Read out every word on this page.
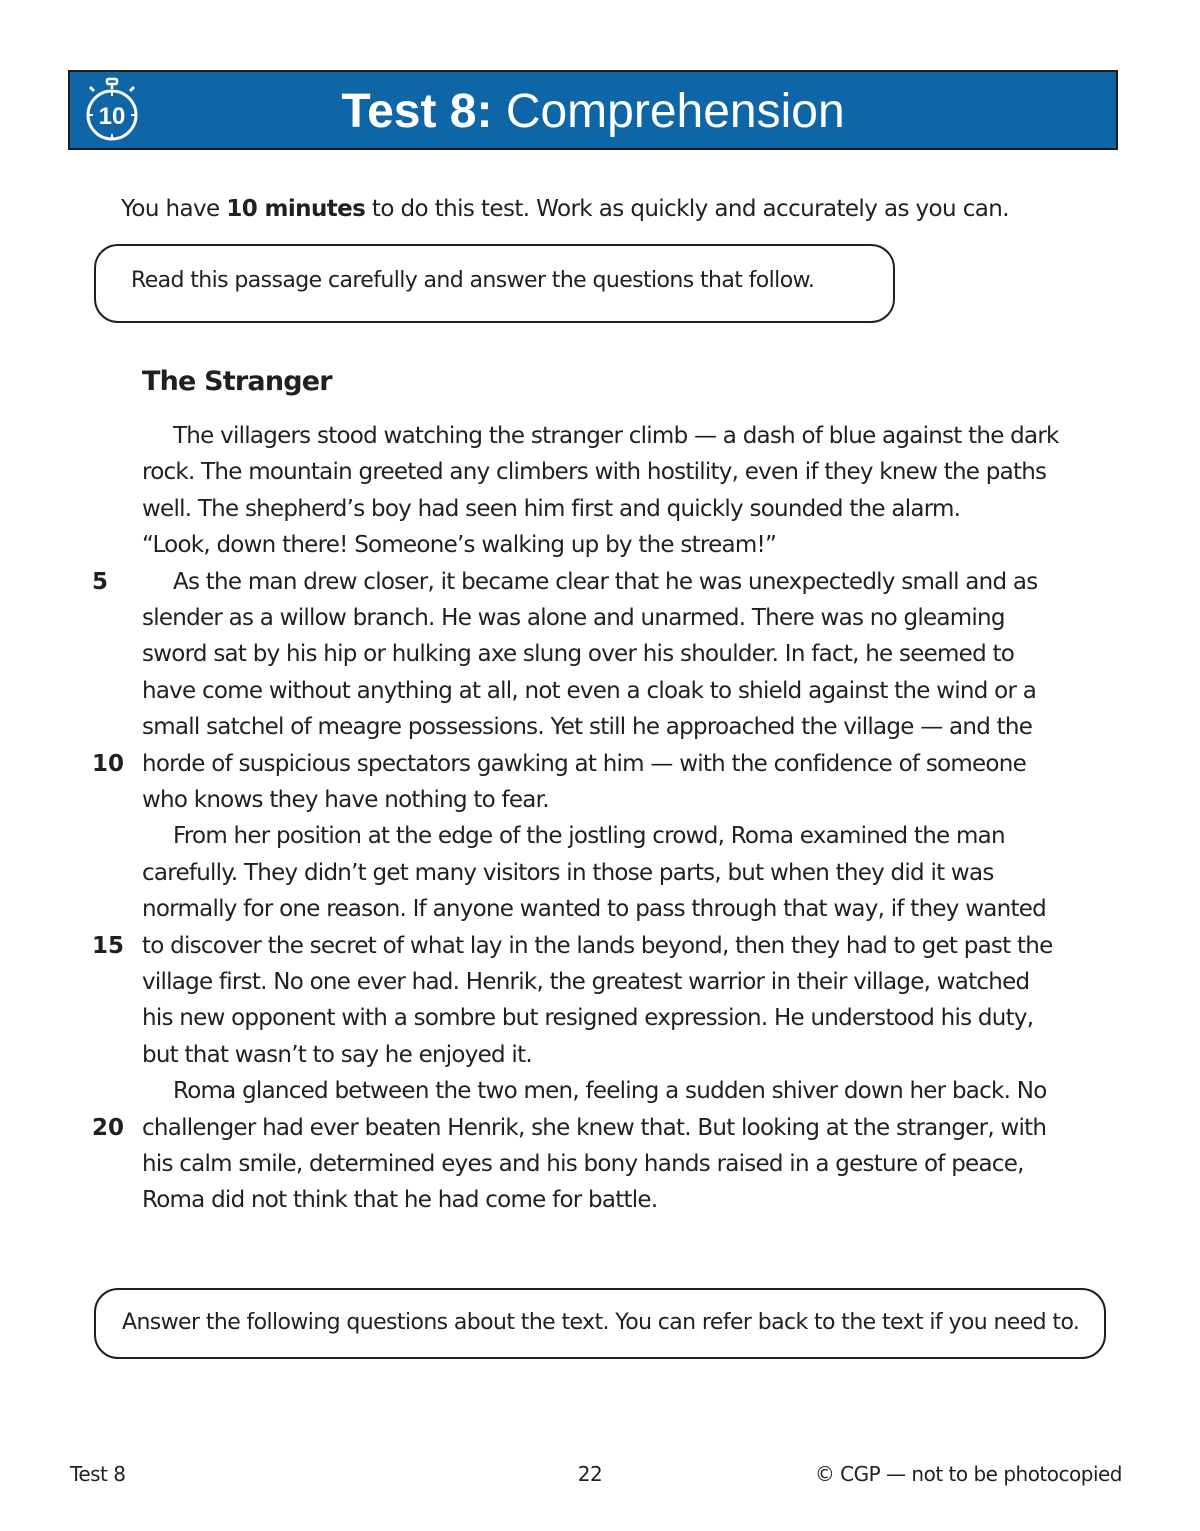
10	Test 8: Comprehension
You have 10 minutes to do this test. Work as quickly and accurately as you can.
Read this passage carefully and answer the questions that follow.
The Stranger
The villagers stood watching the stranger climb — a dash of blue against the dark
rock. The mountain greeted any climbers with hostility, even if they knew the paths
well. The shepherd’s boy had seen him first and quickly sounded the alarm.
“Look, down there! Someone’s walking up by the stream!”
As the man drew closer, it became clear that he was unexpectedly small and as
slender as a willow branch. He was alone and unarmed. There was no gleaming
sword sat by his hip or hulking axe slung over his shoulder. In fact, he seemed to
have come without anything at all, not even a cloak to shield against the wind or a
small satchel of meagre possessions. Yet still he approached the village — and the
horde of suspicious spectators gawking at him — with the confidence of someone
who knows they have nothing to fear.
From her position at the edge of the jostling crowd, Roma examined the man
carefully. They didn’t get many visitors in those parts, but when they did it was
normally for one reason. If anyone wanted to pass through that way, if they wanted
to discover the secret of what lay in the lands beyond, then they had to get past the
village first. No one ever had. Henrik, the greatest warrior in their village, watched
his new opponent with a sombre but resigned expression. He understood his duty,
but that wasn’t to say he enjoyed it.
Roma glanced between the two men, feeling a sudden shiver down her back. No
challenger had ever beaten Henrik, she knew that. But looking at the stranger, with
his calm smile, determined eyes and his bony hands raised in a gesture of peace,
Roma did not think that he had come for battle.
5
10
15
20
Answer the following questions about the text. You can refer back to the text if you need to.
Test 8	22	© CGP — not to be photocopied
